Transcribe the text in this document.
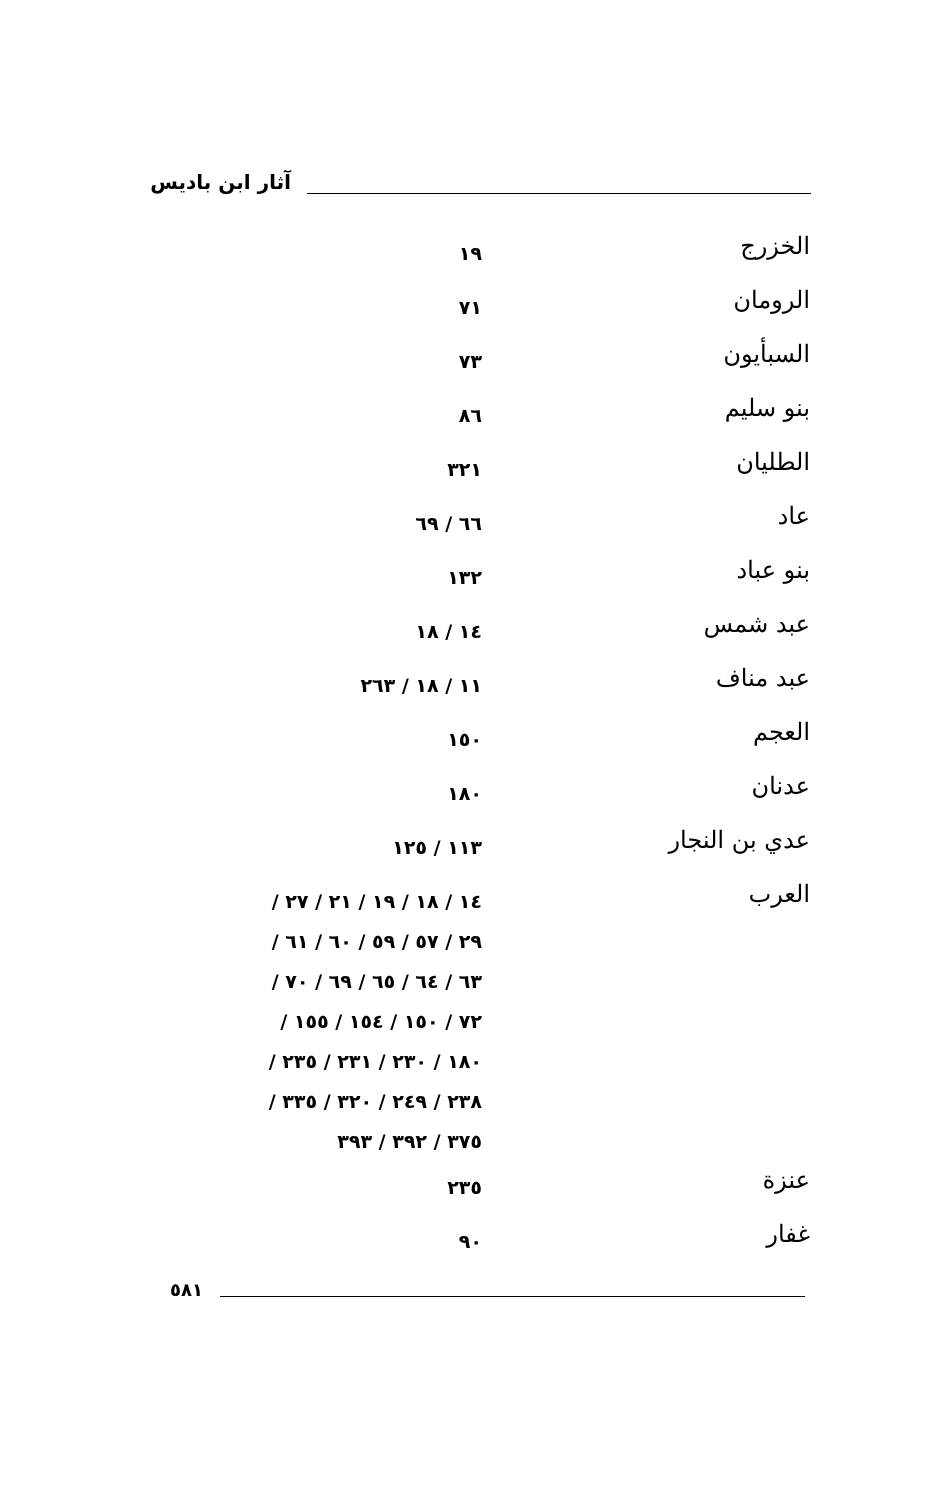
آثار ابن باديس
الخزرج
١٩
الرومان
٧١
السبأيون
٧٣
بنو سليم
٨٦
الطليان
٣٢١
عاد
٦٦ / ٦٩
بنو عباد
١٣٢
عبد شمس
١٤ / ١٨
عبد مناف
١١ / ١٨ / ٢٦٣
العجم
١٥٠
عدنان
١٨٠
عدي بن النجار
١١٣ / ١٢٥
العرب
١٤ / ١٨ / ١٩ / ٢١ / ٢٧ /
٢٩ / ٥٧ / ٥٩ / ٦٠ / ٦١ /
٦٣ / ٦٤ / ٦٥ / ٦٩ / ٧٠ /
٧٢ / ١٥٠ / ١٥٤ / ١٥٥ /
١٨٠ / ٢٣٠ / ٢٣١ / ٢٣٥ /
٢٣٨ / ٢٤٩ / ٣٢٠ / ٣٣٥ /
٣٧٥ / ٣٩٢ / ٣٩٣
عنزة
٢٣٥
غفار
٩٠
٥٨١
